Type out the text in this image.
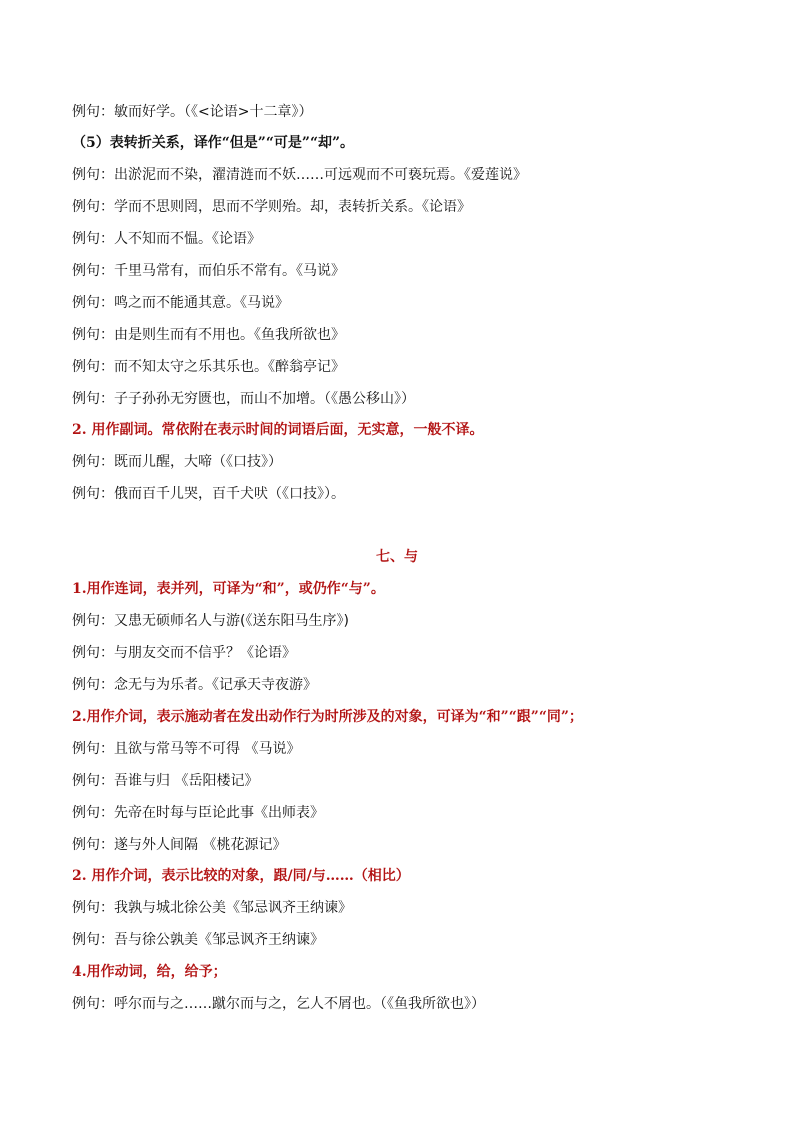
例句：敏而好学。（《<论语>十二章》）
（5）表转折关系，译作“但是”“可是”“却”。
例句：出淤泥而不染，濯清涟而不妖……可远观而不可亵玩焉。《爱莲说》
例句：学而不思则罔，思而不学则殆。却，表转折关系。《论语》
例句：人不知而不愠。《论语》
例句：千里马常有，而伯乐不常有。《马说》
例句：鸣之而不能通其意。《马说》
例句：由是则生而有不用也。《鱼我所欲也》
例句：而不知太守之乐其乐也。《醉翁亭记》
例句：子子孙孙无穷匮也，而山不加增。（《愚公移山》）
2. 用作副词。常依附在表示时间的词语后面，无实意，一般不译。
例句：既而儿醒，大啼（《口技》）
例句：俄而百千儿哭，百千犬吠（《口技》）。
七、与
1.用作连词，表并列，可译为“和”，或仍作“与”。
例句：又患无硕师名人与游(《送东阳马生序》)
例句：与朋友交而不信乎？《论语》
例句：念无与为乐者。《记承天寺夜游》
2.用作介词，表示施动者在发出动作行为时所涉及的对象，可译为“和”“跟”“同”；
例句：且欲与常马等不可得 《马说》
例句：吾谁与归 《岳阳楼记》
例句：先帝在时每与臣论此事《出师表》
例句：遂与外人间隔 《桃花源记》
2. 用作介词，表示比较的对象，跟/同/与……（相比）
例句：我孰与城北徐公美《邹忌讽齐王纳谏》
例句：吾与徐公孰美《邹忌讽齐王纳谏》
4.用作动词，给，给予；
例句：呼尔而与之……蹴尔而与之，乞人不屑也。（《鱼我所欲也》）
